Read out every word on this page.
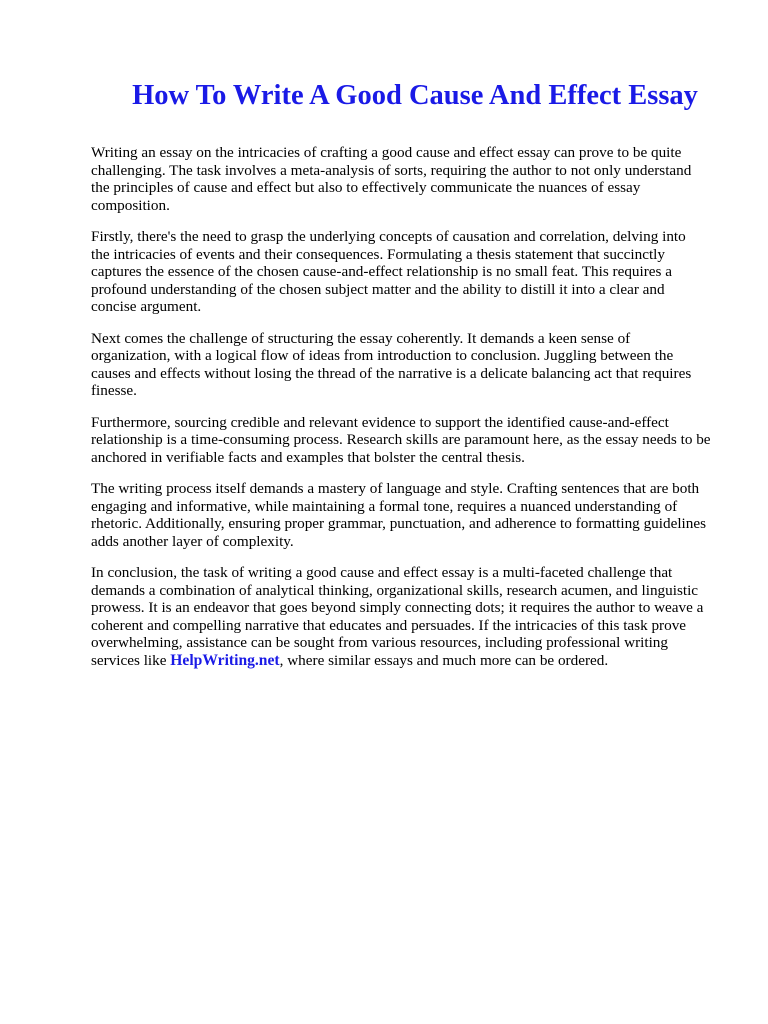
How To Write A Good Cause And Effect Essay

Writing an essay on the intricacies of crafting a good cause and effect essay can prove to be quite
challenging. The task involves a meta-analysis of sorts, requiring the author to not only understand
the principles of cause and effect but also to effectively communicate the nuances of essay
composition.

Firstly, there's the need to grasp the underlying concepts of causation and correlation, delving into
the intricacies of events and their consequences. Formulating a thesis statement that succinctly
captures the essence of the chosen cause-and-effect relationship is no small feat. This requires a
profound understanding of the chosen subject matter and the ability to distill it into a clear and
concise argument.

Next comes the challenge of structuring the essay coherently. It demands a keen sense of
organization, with a logical flow of ideas from introduction to conclusion. Juggling between the
causes and effects without losing the thread of the narrative is a delicate balancing act that requires
finesse.

Furthermore, sourcing credible and relevant evidence to support the identified cause-and-effect
relationship is a time-consuming process. Research skills are paramount here, as the essay needs to be
anchored in verifiable facts and examples that bolster the central thesis.

The writing process itself demands a mastery of language and style. Crafting sentences that are both
engaging and informative, while maintaining a formal tone, requires a nuanced understanding of
rhetoric. Additionally, ensuring proper grammar, punctuation, and adherence to formatting guidelines
adds another layer of complexity.

In conclusion, the task of writing a good cause and effect essay is a multi-faceted challenge that
demands a combination of analytical thinking, organizational skills, research acumen, and linguistic
prowess. It is an endeavor that goes beyond simply connecting dots; it requires the author to weave a
coherent and compelling narrative that educates and persuades. If the intricacies of this task prove
overwhelming, assistance can be sought from various resources, including professional writing
services like HelpWriting.net, where similar essays and much more can be ordered.
